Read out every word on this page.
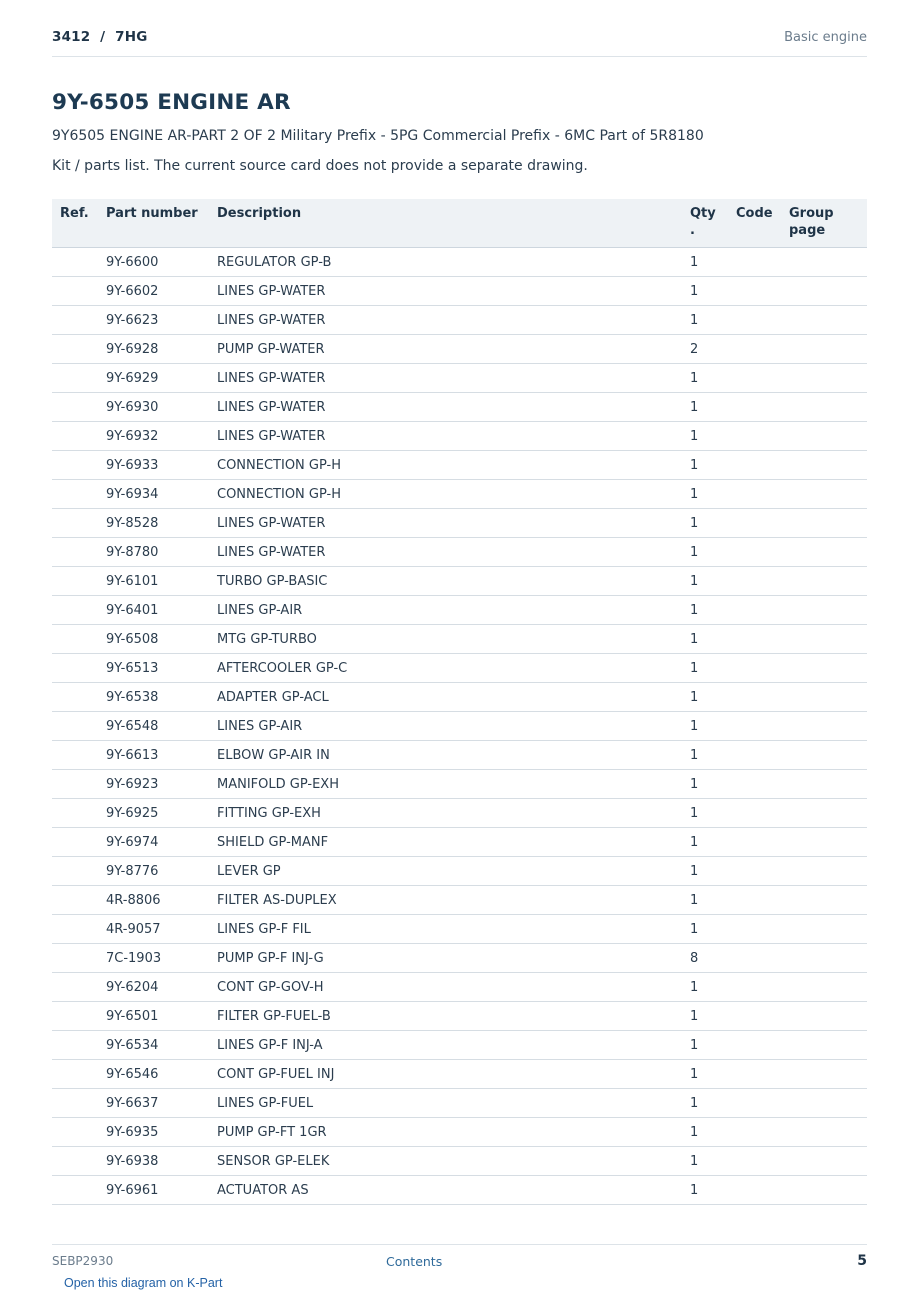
3412  /  7HG	Basic engine
9Y-6505 ENGINE AR
9Y6505 ENGINE AR-PART 2 OF 2 Military Prefix - 5PG Commercial Prefix - 6MC Part of 5R8180
Kit / parts list. The current source card does not provide a separate drawing.
Ref.	Part number	Description	Qty .	Code	Group page
	9Y-6600	REGULATOR GP-B	1		
	9Y-6602	LINES GP-WATER	1		
	9Y-6623	LINES GP-WATER	1		
	9Y-6928	PUMP GP-WATER	2		
	9Y-6929	LINES GP-WATER	1		
	9Y-6930	LINES GP-WATER	1		
	9Y-6932	LINES GP-WATER	1		
	9Y-6933	CONNECTION GP-H	1		
	9Y-6934	CONNECTION GP-H	1		
	9Y-8528	LINES GP-WATER	1		
	9Y-8780	LINES GP-WATER	1		
	9Y-6101	TURBO GP-BASIC	1		
	9Y-6401	LINES GP-AIR	1		
	9Y-6508	MTG GP-TURBO	1		
	9Y-6513	AFTERCOOLER GP-C	1		
	9Y-6538	ADAPTER GP-ACL	1		
	9Y-6548	LINES GP-AIR	1		
	9Y-6613	ELBOW GP-AIR IN	1		
	9Y-6923	MANIFOLD GP-EXH	1		
	9Y-6925	FITTING GP-EXH	1		
	9Y-6974	SHIELD GP-MANF	1		
	9Y-8776	LEVER GP	1		
	4R-8806	FILTER AS-DUPLEX	1		
	4R-9057	LINES GP-F FIL	1		
	7C-1903	PUMP GP-F INJ-G	8		
	9Y-6204	CONT GP-GOV-H	1		
	9Y-6501	FILTER GP-FUEL-B	1		
	9Y-6534	LINES GP-F INJ-A	1		
	9Y-6546	CONT GP-FUEL INJ	1		
	9Y-6637	LINES GP-FUEL	1		
	9Y-6935	PUMP GP-FT 1GR	1		
	9Y-6938	SENSOR GP-ELEK	1		
	9Y-6961	ACTUATOR AS	1		
SEBP2930	Contents	5
Open this diagram on K-Part
